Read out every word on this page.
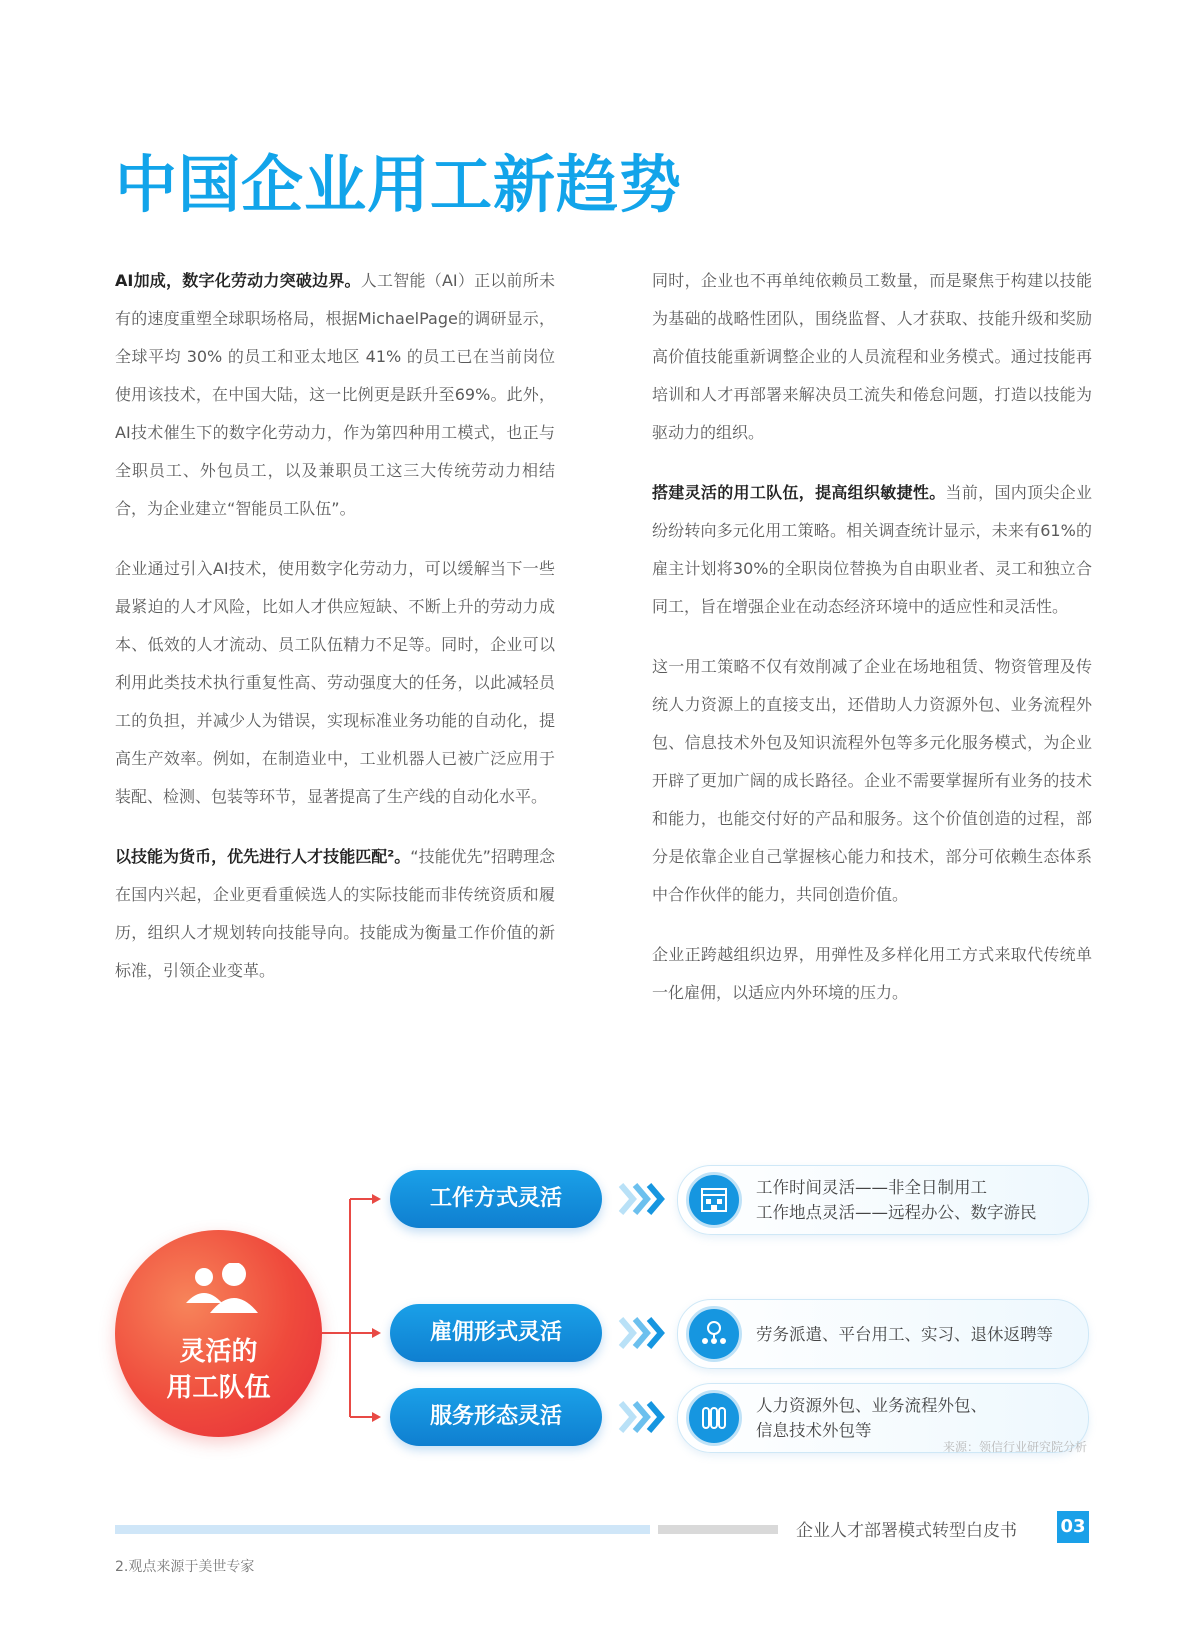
中国企业用工新趋势

AI加成，数字化劳动力突破边界。人工智能（AI）正以前所未有的速度重塑全球职场格局，根据MichaelPage的调研显示，全球平均 30% 的员工和亚太地区 41% 的员工已在当前岗位使用该技术，在中国大陆，这一比例更是跃升至69%。此外，AI技术催生下的数字化劳动力，作为第四种用工模式，也正与全职员工、外包员工，以及兼职员工这三大传统劳动力相结合，为企业建立“智能员工队伍”。

企业通过引入AI技术，使用数字化劳动力，可以缓解当下一些最紧迫的人才风险，比如人才供应短缺、不断上升的劳动力成本、低效的人才流动、员工队伍精力不足等。同时，企业可以利用此类技术执行重复性高、劳动强度大的任务，以此减轻员工的负担，并减少人为错误，实现标准业务功能的自动化，提高生产效率。例如，在制造业中，工业机器人已被广泛应用于装配、检测、包装等环节，显著提高了生产线的自动化水平。

以技能为货币，优先进行人才技能匹配²。“技能优先”招聘理念在国内兴起，企业更看重候选人的实际技能而非传统资质和履历，组织人才规划转向技能导向。技能成为衡量工作价值的新标准，引领企业变革。

同时，企业也不再单纯依赖员工数量，而是聚焦于构建以技能为基础的战略性团队，围绕监督、人才获取、技能升级和奖励高价值技能重新调整企业的人员流程和业务模式。通过技能再培训和人才再部署来解决员工流失和倦怠问题，打造以技能为驱动力的组织。

搭建灵活的用工队伍，提高组织敏捷性。当前，国内顶尖企业纷纷转向多元化用工策略。相关调查统计显示，未来有61%的雇主计划将30%的全职岗位替换为自由职业者、灵工和独立合同工，旨在增强企业在动态经济环境中的适应性和灵活性。

这一用工策略不仅有效削减了企业在场地租赁、物资管理及传统人力资源上的直接支出，还借助人力资源外包、业务流程外包、信息技术外包及知识流程外包等多元化服务模式，为企业开辟了更加广阔的成长路径。企业不需要掌握所有业务的技术和能力，也能交付好的产品和服务。这个价值创造的过程，部分是依靠企业自己掌握核心能力和技术，部分可依赖生态体系中合作伙伴的能力，共同创造价值。

企业正跨越组织边界，用弹性及多样化用工方式来取代传统单一化雇佣，以适应内外环境的压力。

灵活的
用工队伍
工作方式灵活	工作时间灵活——非全日制用工
工作地点灵活——远程办公、数字游民
雇佣形式灵活	劳务派遣、平台用工、实习、退休返聘等
服务形态灵活	人力资源外包、业务流程外包、
信息技术外包等
来源：领信行业研究院分析
企业人才部署模式转型白皮书 03
2.观点来源于美世专家
